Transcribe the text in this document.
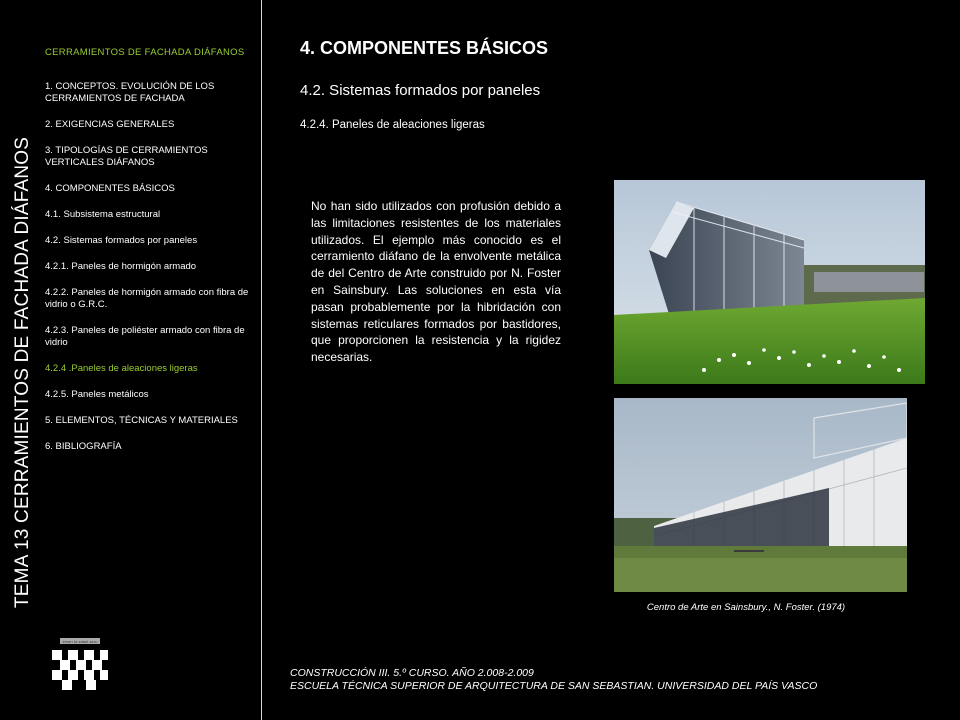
TEMA 13 CERRAMIENTOS DE FACHADA DIÁFANOS
CERRAMIENTOS DE FACHADA DIÁFANOS
1. CONCEPTOS. EVOLUCIÓN DE LOS CERRAMIENTOS DE FACHADA
2. EXIGENCIAS GENERALES
3. TIPOLOGÍAS DE CERRAMIENTOS VERTICALES DIÁFANOS
4. COMPONENTES BÁSICOS
4.1. Subsistema estructural
4.2. Sistemas formados por paneles
4.2.1. Paneles de hormigón armado
4.2.2. Paneles de hormigón armado con fibra de vidrio o G.R.C.
4.2.3. Paneles de poliéster armado con fibra de vidrio
4.2.4 .Paneles de aleaciones ligeras
4.2.5. Paneles metálicos
5. ELEMENTOS, TÉCNICAS Y MATERIALES
6. BIBLIOGRAFÍA
eman ta zabal zazu
4. COMPONENTES BÁSICOS
4.2. Sistemas formados por paneles
4.2.4. Paneles de aleaciones ligeras

No han sido utilizados con profusión debido a las limitaciones resistentes de los materiales utilizados. El ejemplo más conocido es el cerramiento diáfano de la envolvente metálica de del Centro de Arte construido por N. Foster en Sainsbury. Las soluciones en esta vía pasan probablemente por la hibridación con sistemas reticulares formados por bastidores, que proporcionen la resistencia y la rigidez necesarias.

Centro de Arte en Sainsbury., N. Foster. (1974)
CONSTRUCCIÓN III. 5.º CURSO. AÑO 2.008-2.009
ESCUELA TÉCNICA SUPERIOR DE ARQUITECTURA DE SAN SEBASTIAN. UNIVERSIDAD DEL PAÍS VASCO
